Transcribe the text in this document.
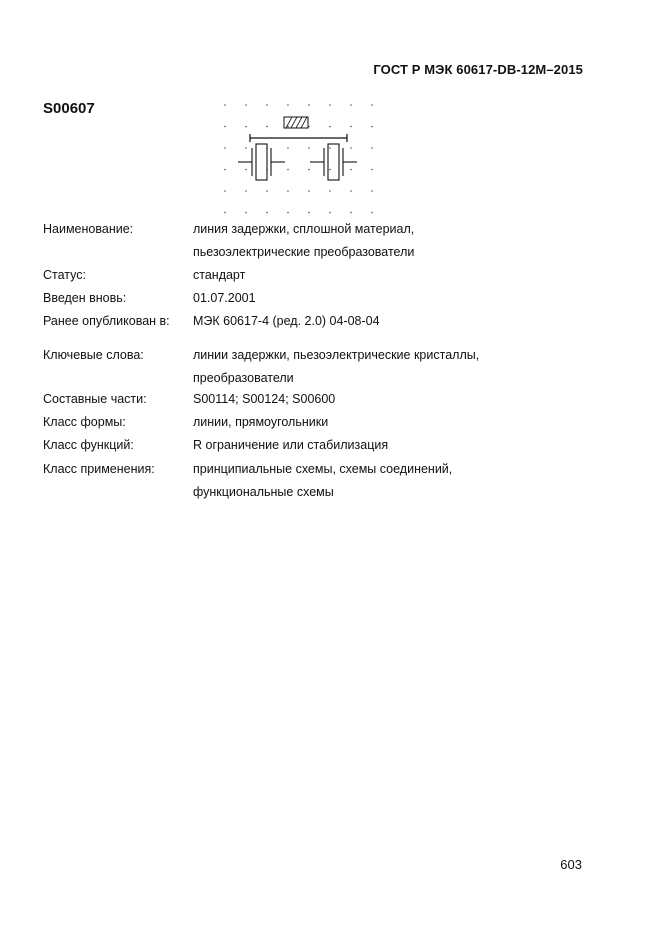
ГОСТ Р МЭК 60617-DB-12M–2015
S00607
Наименование:	линия задержки, сплошной материал,
пьезоэлектрические преобразователи
Статус:	стандарт
Введен вновь:	01.07.2001
Ранее опубликован в: МЭК 60617-4 (ред. 2.0) 04-08-04
Ключевые слова:	линии задержки, пьезоэлектрические кристаллы,
преобразователи
Составные части:	S00114; S00124; S00600
Класс формы:	линии, прямоугольники
Класс функций:	R ограничение или стабилизация
Класс применения:	принципиальные схемы, схемы соединений,
функциональные схемы
603
